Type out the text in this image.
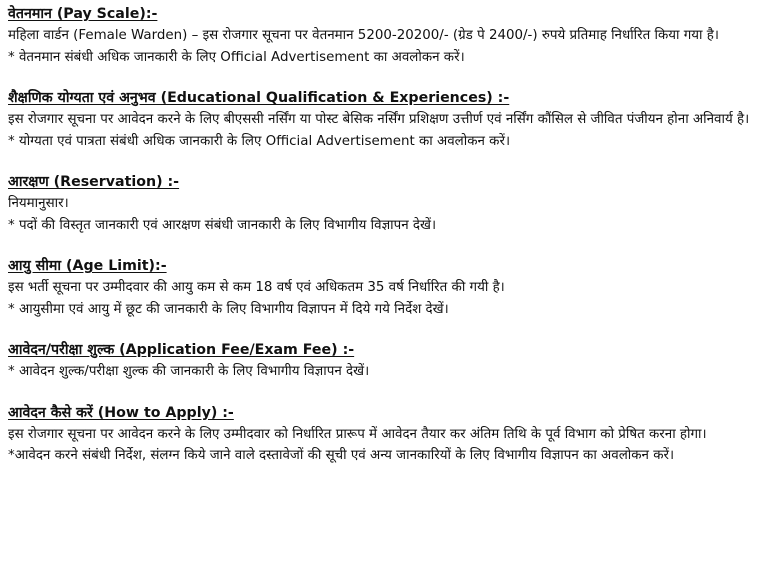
वेतनमान (Pay Scale):-

महिला वार्डन (Female Warden) – इस रोजगार सूचना पर वेतनमान 5200-20200/- (ग्रेड पे 2400/-) रुपये प्रतिमाह निर्धारित किया गया है।

* वेतनमान संबंधी अधिक जानकारी के लिए Official Advertisement का अवलोकन करें।

शैक्षणिक योग्यता एवं अनुभव (Educational Qualification & Experiences) :-

इस रोजगार सूचना पर आवेदन करने के लिए बीएससी नर्सिंग या पोस्ट बेसिक नर्सिंग प्रशिक्षण उत्तीर्ण एवं नर्सिंग कौंसिल से जीवित पंजीयन होना अनिवार्य है।

* योग्यता एवं पात्रता संबंधी अधिक जानकारी के लिए Official Advertisement का अवलोकन करें।

आरक्षण (Reservation) :-

नियमानुसार।

* पदों की विस्तृत जानकारी एवं आरक्षण संबंधी जानकारी के लिए विभागीय विज्ञापन देखें।

आयु सीमा (Age Limit):-

इस भर्ती सूचना पर उम्मीदवार की आयु कम से कम 18 वर्ष एवं अधिकतम 35 वर्ष निर्धारित की गयी है।

* आयुसीमा एवं आयु में छूट की जानकारी के लिए विभागीय विज्ञापन में दिये गये निर्देश देखें।

आवेदन/परीक्षा शुल्क (Application Fee/Exam Fee) :-

* आवेदन शुल्क/परीक्षा शुल्क की जानकारी के लिए विभागीय विज्ञापन देखें।

आवेदन कैसे करें (How to Apply) :-

इस रोजगार सूचना पर आवेदन करने के लिए उम्मीदवार को निर्धारित प्रारूप में आवेदन तैयार कर अंतिम तिथि के पूर्व विभाग को प्रेषित करना होगा।

*आवेदन करने संबंधी निर्देश, संलग्न किये जाने वाले दस्तावेजों की सूची एवं अन्य जानकारियों के लिए विभागीय विज्ञापन का अवलोकन करें।
